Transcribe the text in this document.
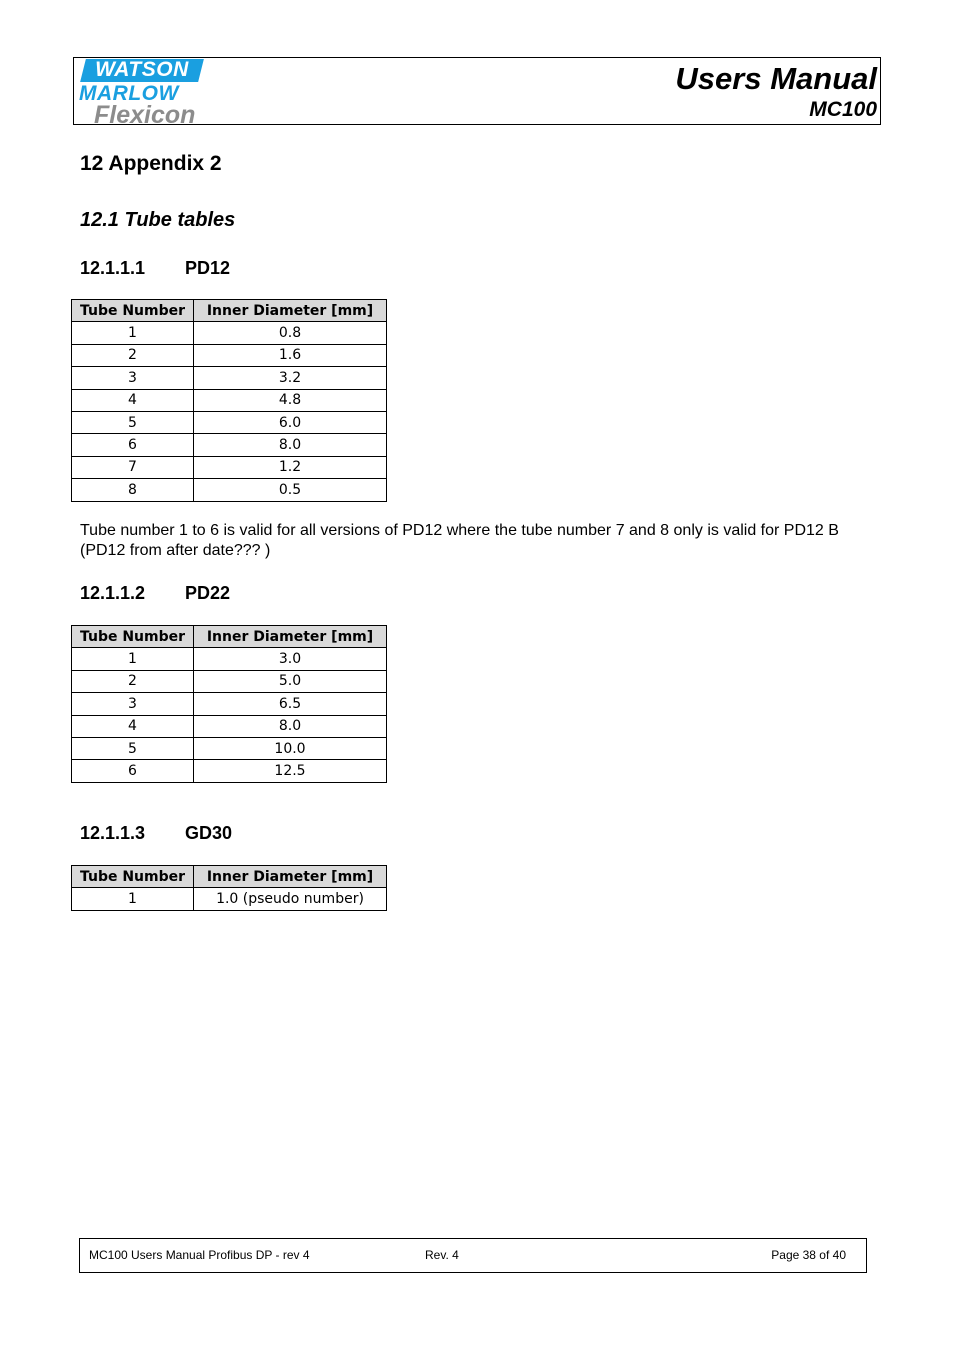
WATSON
MARLOW
Flexicon
Users Manual
MC100
12 Appendix 2
12.1 Tube tables
12.1.1.1 PD12
Tube Number	Inner Diameter [mm]
1	0.8
2	1.6
3	3.2
4	4.8
5	6.0
6	8.0
7	1.2
8	0.5
Tube number 1 to 6 is valid for all versions of PD12 where the tube number 7 and 8 only is valid for PD12 B (PD12 from after date??? )
12.1.1.2 PD22
Tube Number	Inner Diameter [mm]
1	3.0
2	5.0
3	6.5
4	8.0
5	10.0
6	12.5
12.1.1.3 GD30
Tube Number	Inner Diameter [mm]
1	1.0 (pseudo number)
MC100 Users Manual Profibus DP - rev 4	Rev. 4	Page 38 of 40
